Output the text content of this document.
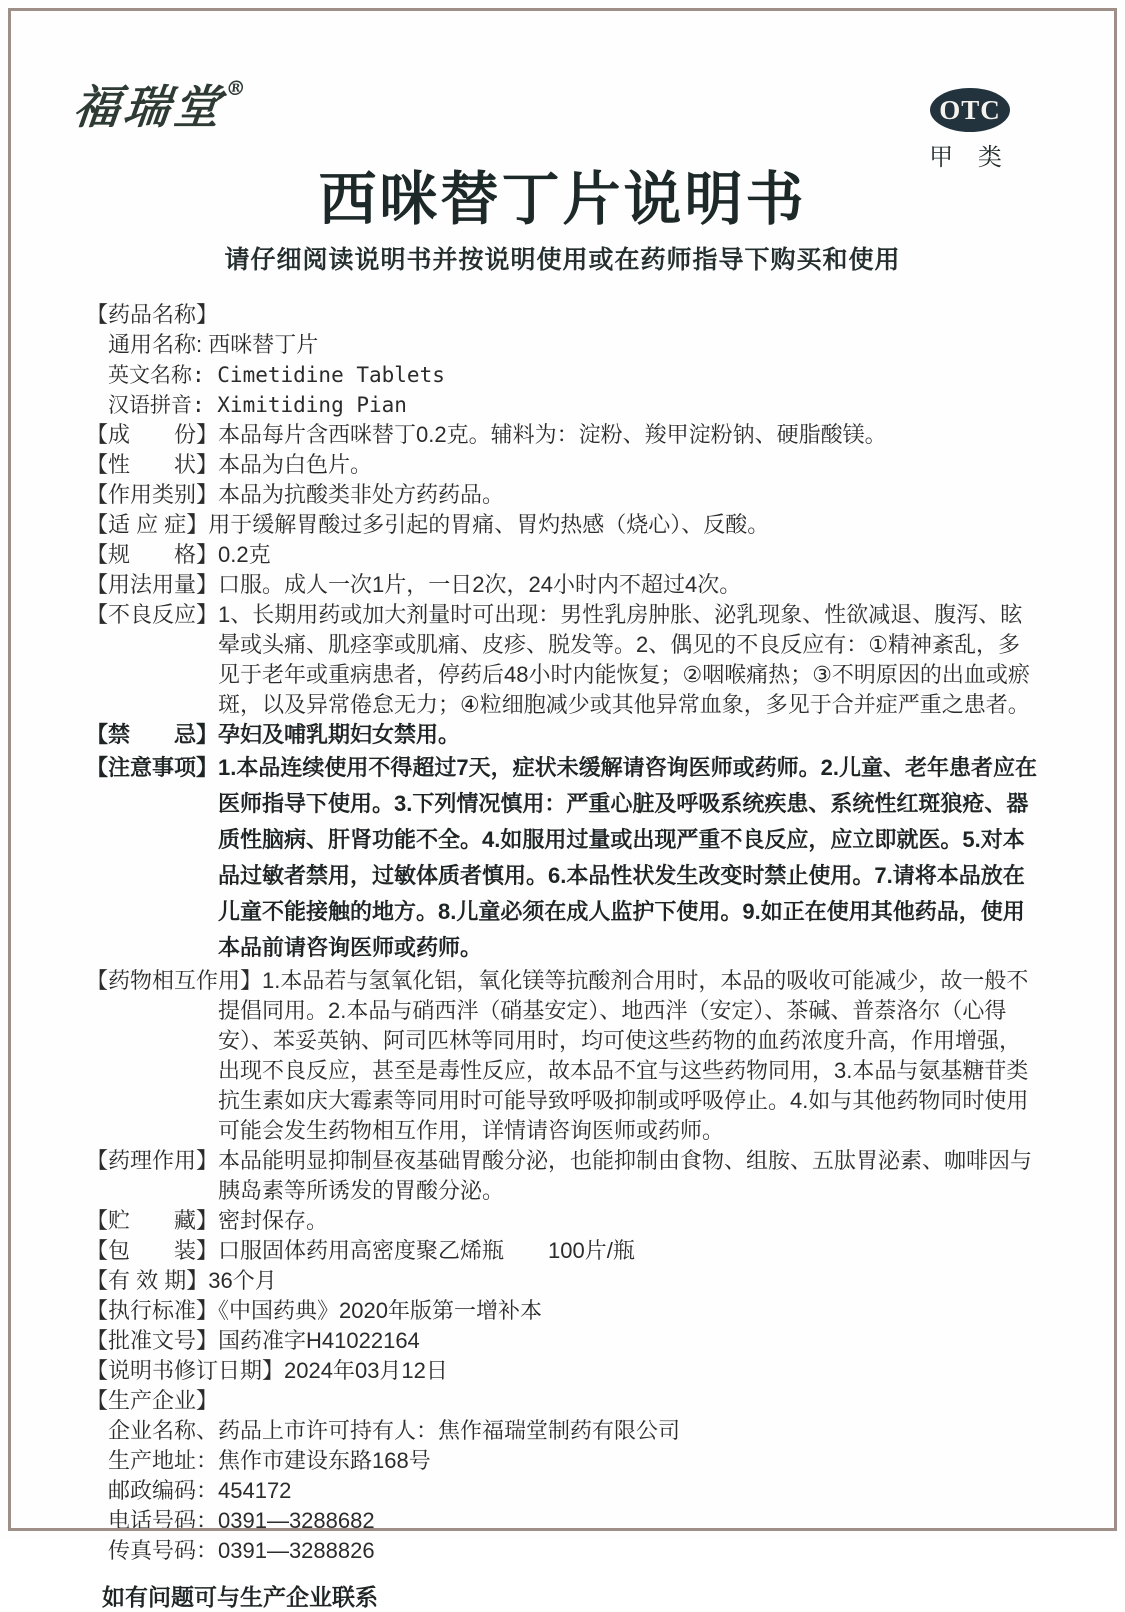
福瑞堂®
OTC
甲 类
西咪替丁片说明书
请仔细阅读说明书并按说明使用或在药师指导下购买和使用
【药品名称】
通用名称: 西咪替丁片
英文名称: Cimetidine Tablets
汉语拼音: Ximitiding Pian
【成　　份】本品每片含西咪替丁0.2克。辅料为：淀粉、羧甲淀粉钠、硬脂酸镁。
【性　　状】本品为白色片。
【作用类别】本品为抗酸类非处方药药品。
【适 应 症】用于缓解胃酸过多引起的胃痛、胃灼热感（烧心）、反酸。
【规　　格】0.2克
【用法用量】口服。成人一次1片，一日2次，24小时内不超过4次。
【不良反应】1、长期用药或加大剂量时可出现：男性乳房肿胀、泌乳现象、性欲减退、腹泻、眩晕或头痛、肌痉挛或肌痛、皮疹、脱发等。2、偶见的不良反应有：①精神紊乱，多见于老年或重病患者，停药后48小时内能恢复；②咽喉痛热；③不明原因的出血或瘀斑，以及异常倦怠无力；④粒细胞减少或其他异常血象，多见于合并症严重之患者。
【禁　　忌】孕妇及哺乳期妇女禁用。
【注意事项】1.本品连续使用不得超过7天，症状未缓解请咨询医师或药师。2.儿童、老年患者应在医师指导下使用。3.下列情况慎用：严重心脏及呼吸系统疾患、系统性红斑狼疮、器质性脑病、肝肾功能不全。4.如服用过量或出现严重不良反应，应立即就医。5.对本品过敏者禁用，过敏体质者慎用。6.本品性状发生改变时禁止使用。7.请将本品放在儿童不能接触的地方。8.儿童必须在成人监护下使用。9.如正在使用其他药品，使用本品前请咨询医师或药师。
【药物相互作用】1.本品若与氢氧化铝，氧化镁等抗酸剂合用时，本品的吸收可能减少，故一般不提倡同用。2.本品与硝西泮（硝基安定）、地西泮（安定）、茶碱、普萘洛尔（心得安）、苯妥英钠、阿司匹林等同用时，均可使这些药物的血药浓度升高，作用增强，出现不良反应，甚至是毒性反应，故本品不宜与这些药物同用，3.本品与氨基糖苷类抗生素如庆大霉素等同用时可能导致呼吸抑制或呼吸停止。4.如与其他药物同时使用可能会发生药物相互作用，详情请咨询医师或药师。
【药理作用】本品能明显抑制昼夜基础胃酸分泌，也能抑制由食物、组胺、五肽胃泌素、咖啡因与胰岛素等所诱发的胃酸分泌。
【贮　　藏】密封保存。
【包　　装】口服固体药用高密度聚乙烯瓶　　100片/瓶
【有 效 期】36个月
【执行标准】《中国药典》2020年版第一增补本
【批准文号】国药准字H41022164
【说明书修订日期】2024年03月12日
【生产企业】
企业名称、药品上市许可持有人：焦作福瑞堂制药有限公司
生产地址：焦作市建设东路168号
邮政编码：454172
电话号码：0391—3288682
传真号码：0391—3288826
如有问题可与生产企业联系
